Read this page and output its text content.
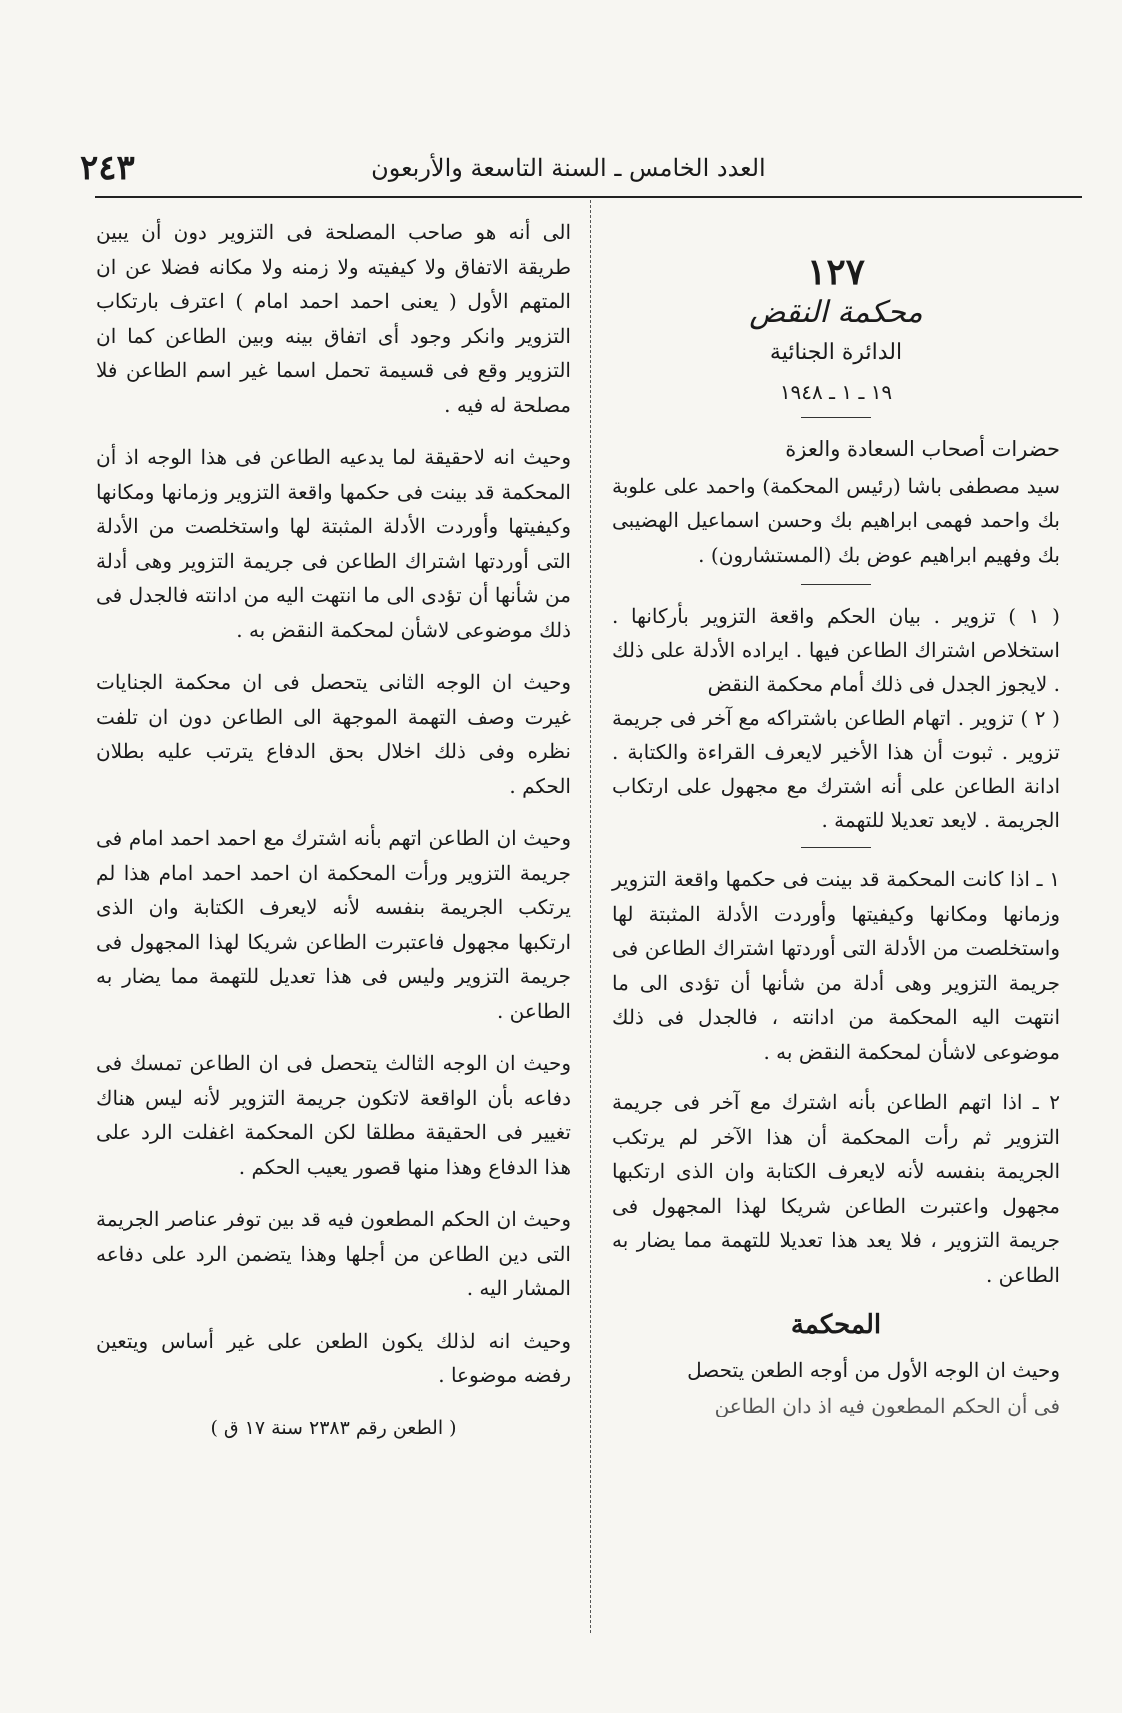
٢٤٣	العدد الخامس ـ السنة التاسعة والأربعون

الى أنه هو صاحب المصلحة فى التزوير دون أن يبين طريقة الاتفاق ولا كيفيته ولا زمنه ولا مكانه فضلا عن ان المتهم الأول ( يعنى احمد احمد امام ) اعترف بارتكاب التزوير وانكر وجود أى اتفاق بينه وبين الطاعن كما ان التزوير وقع فى قسيمة تحمل اسما غير اسم الطاعن فلا مصلحة له فيه .

وحيث انه لاحقيقة لما يدعيه الطاعن فى هذا الوجه اذ أن المحكمة قد بينت فى حكمها واقعة التزوير وزمانها ومكانها وكيفيتها وأوردت الأدلة المثبتة لها واستخلصت من الأدلة التى أوردتها اشتراك الطاعن فى جريمة التزوير وهى أدلة من شأنها أن تؤدى الى ما انتهت اليه من ادانته فالجدل فى ذلك موضوعى لاشأن لمحكمة النقض به .

وحيث ان الوجه الثانى يتحصل فى ان محكمة الجنايات غيرت وصف التهمة الموجهة الى الطاعن دون ان تلفت نظره وفى ذلك اخلال بحق الدفاع يترتب عليه بطلان الحكم .

وحيث ان الطاعن اتهم بأنه اشترك مع احمد احمد امام فى جريمة التزوير ورأت المحكمة ان احمد احمد امام هذا لم يرتكب الجريمة بنفسه لأنه لايعرف الكتابة وان الذى ارتكبها مجهول فاعتبرت الطاعن شريكا لهذا المجهول فى جريمة التزوير وليس فى هذا تعديل للتهمة مما يضار به الطاعن .

وحيث ان الوجه الثالث يتحصل فى ان الطاعن تمسك فى دفاعه بأن الواقعة لاتكون جريمة التزوير لأنه ليس هناك تغيير فى الحقيقة مطلقا لكن المحكمة اغفلت الرد على هذا الدفاع وهذا منها قصور يعيب الحكم .

وحيث ان الحكم المطعون فيه قد بين توفر عناصر الجريمة التى دين الطاعن من أجلها وهذا يتضمن الرد على دفاعه المشار اليه .

وحيث انه لذلك يكون الطعن على غير أساس ويتعين رفضه موضوعا .

( الطعن رقم ٢٣٨٣ سنة ١٧ ق )
١٢٧
محكمة النقض
الدائرة الجنائية
١٩ ـ ١ ـ ١٩٤٨
حضرات أصحاب السعادة والعزة
سيد مصطفى باشا (رئيس المحكمة) واحمد على علوبة بك واحمد فهمى ابراهيم بك وحسن اسماعيل الهضيبى بك وفهيم ابراهيم عوض بك (المستشارون) .
( ١ ) تزوير . بيان الحكم واقعة التزوير بأركانها . استخلاص اشتراك الطاعن فيها . ايراده الأدلة على ذلك . لايجوز الجدل فى ذلك أمام محكمة النقض
( ٢ ) تزوير . اتهام الطاعن باشتراكه مع آخر فى جريمة تزوير . ثبوت أن هذا الأخير لايعرف القراءة والكتابة . ادانة الطاعن على أنه اشترك مع مجهول على ارتكاب الجريمة . لايعد تعديلا للتهمة .

١ ـ اذا كانت المحكمة قد بينت فى حكمها واقعة التزوير وزمانها ومكانها وكيفيتها وأوردت الأدلة المثبتة لها واستخلصت من الأدلة التى أوردتها اشتراك الطاعن فى جريمة التزوير وهى أدلة من شأنها أن تؤدى الى ما انتهت اليه المحكمة من ادانته ، فالجدل فى ذلك موضوعى لاشأن لمحكمة النقض به .

٢ ـ اذا اتهم الطاعن بأنه اشترك مع آخر فى جريمة التزوير ثم رأت المحكمة أن هذا الآخر لم يرتكب الجريمة بنفسه لأنه لايعرف الكتابة وان الذى ارتكبها مجهول واعتبرت الطاعن شريكا لهذا المجهول فى جريمة التزوير ، فلا يعد هذا تعديلا للتهمة مما يضار به الطاعن .

المحكمة

وحيث ان الوجه الأول من أوجه الطعن يتحصل

فى أن الحكم المطعون فيه اذ دان الطاعن
